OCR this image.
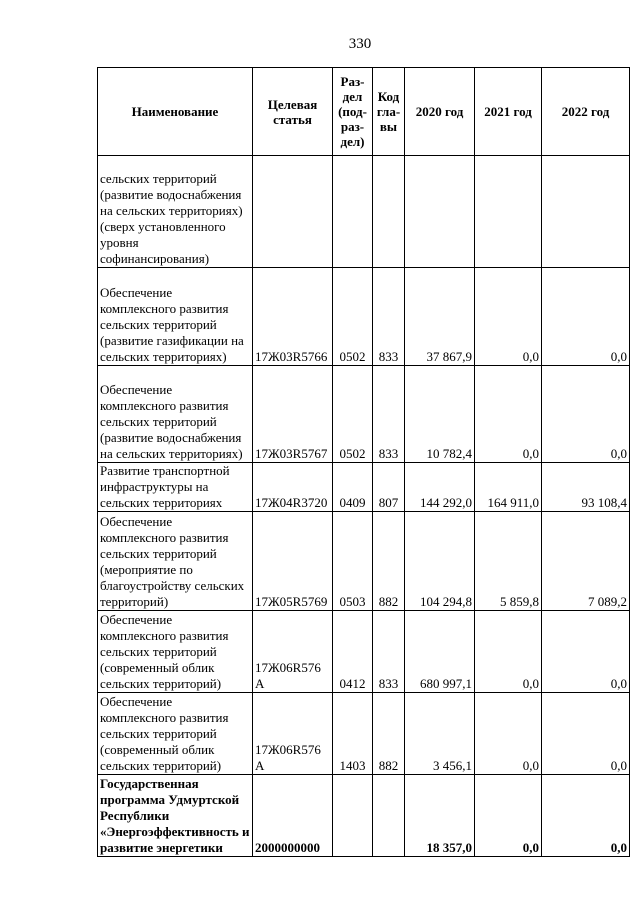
330
Наименование	Целевая статья	Раз-дел (под-раз-дел)	Код гла-вы	2020 год	2021 год	2022 год
сельских территорий (развитие водоснабжения на сельских территориях) (сверх установленного уровня софинансирования)						
Обеспечение комплексного развития сельских территорий (развитие газификации на сельских территориях)	17Ж03R5766	0502	833	37 867,9	0,0	0,0
Обеспечение комплексного развития сельских территорий (развитие водоснабжения на сельских территориях)	17Ж03R5767	0502	833	10 782,4	0,0	0,0
Развитие транспортной инфраструктуры на сельских территориях	17Ж04R3720	0409	807	144 292,0	164 911,0	93 108,4
Обеспечение комплексного развития сельских территорий (мероприятие по благоустройству сельских территорий)	17Ж05R5769	0503	882	104 294,8	5 859,8	7 089,2
Обеспечение комплексного развития сельских территорий (современный облик сельских территорий)	17Ж06R576 А	0412	833	680 997,1	0,0	0,0
Обеспечение комплексного развития сельских территорий (современный облик сельских территорий)	17Ж06R576 А	1403	882	3 456,1	0,0	0,0
Государственная программа Удмуртской Республики «Энергоэффективность и развитие энергетики	2000000000			18 357,0	0,0	0,0
